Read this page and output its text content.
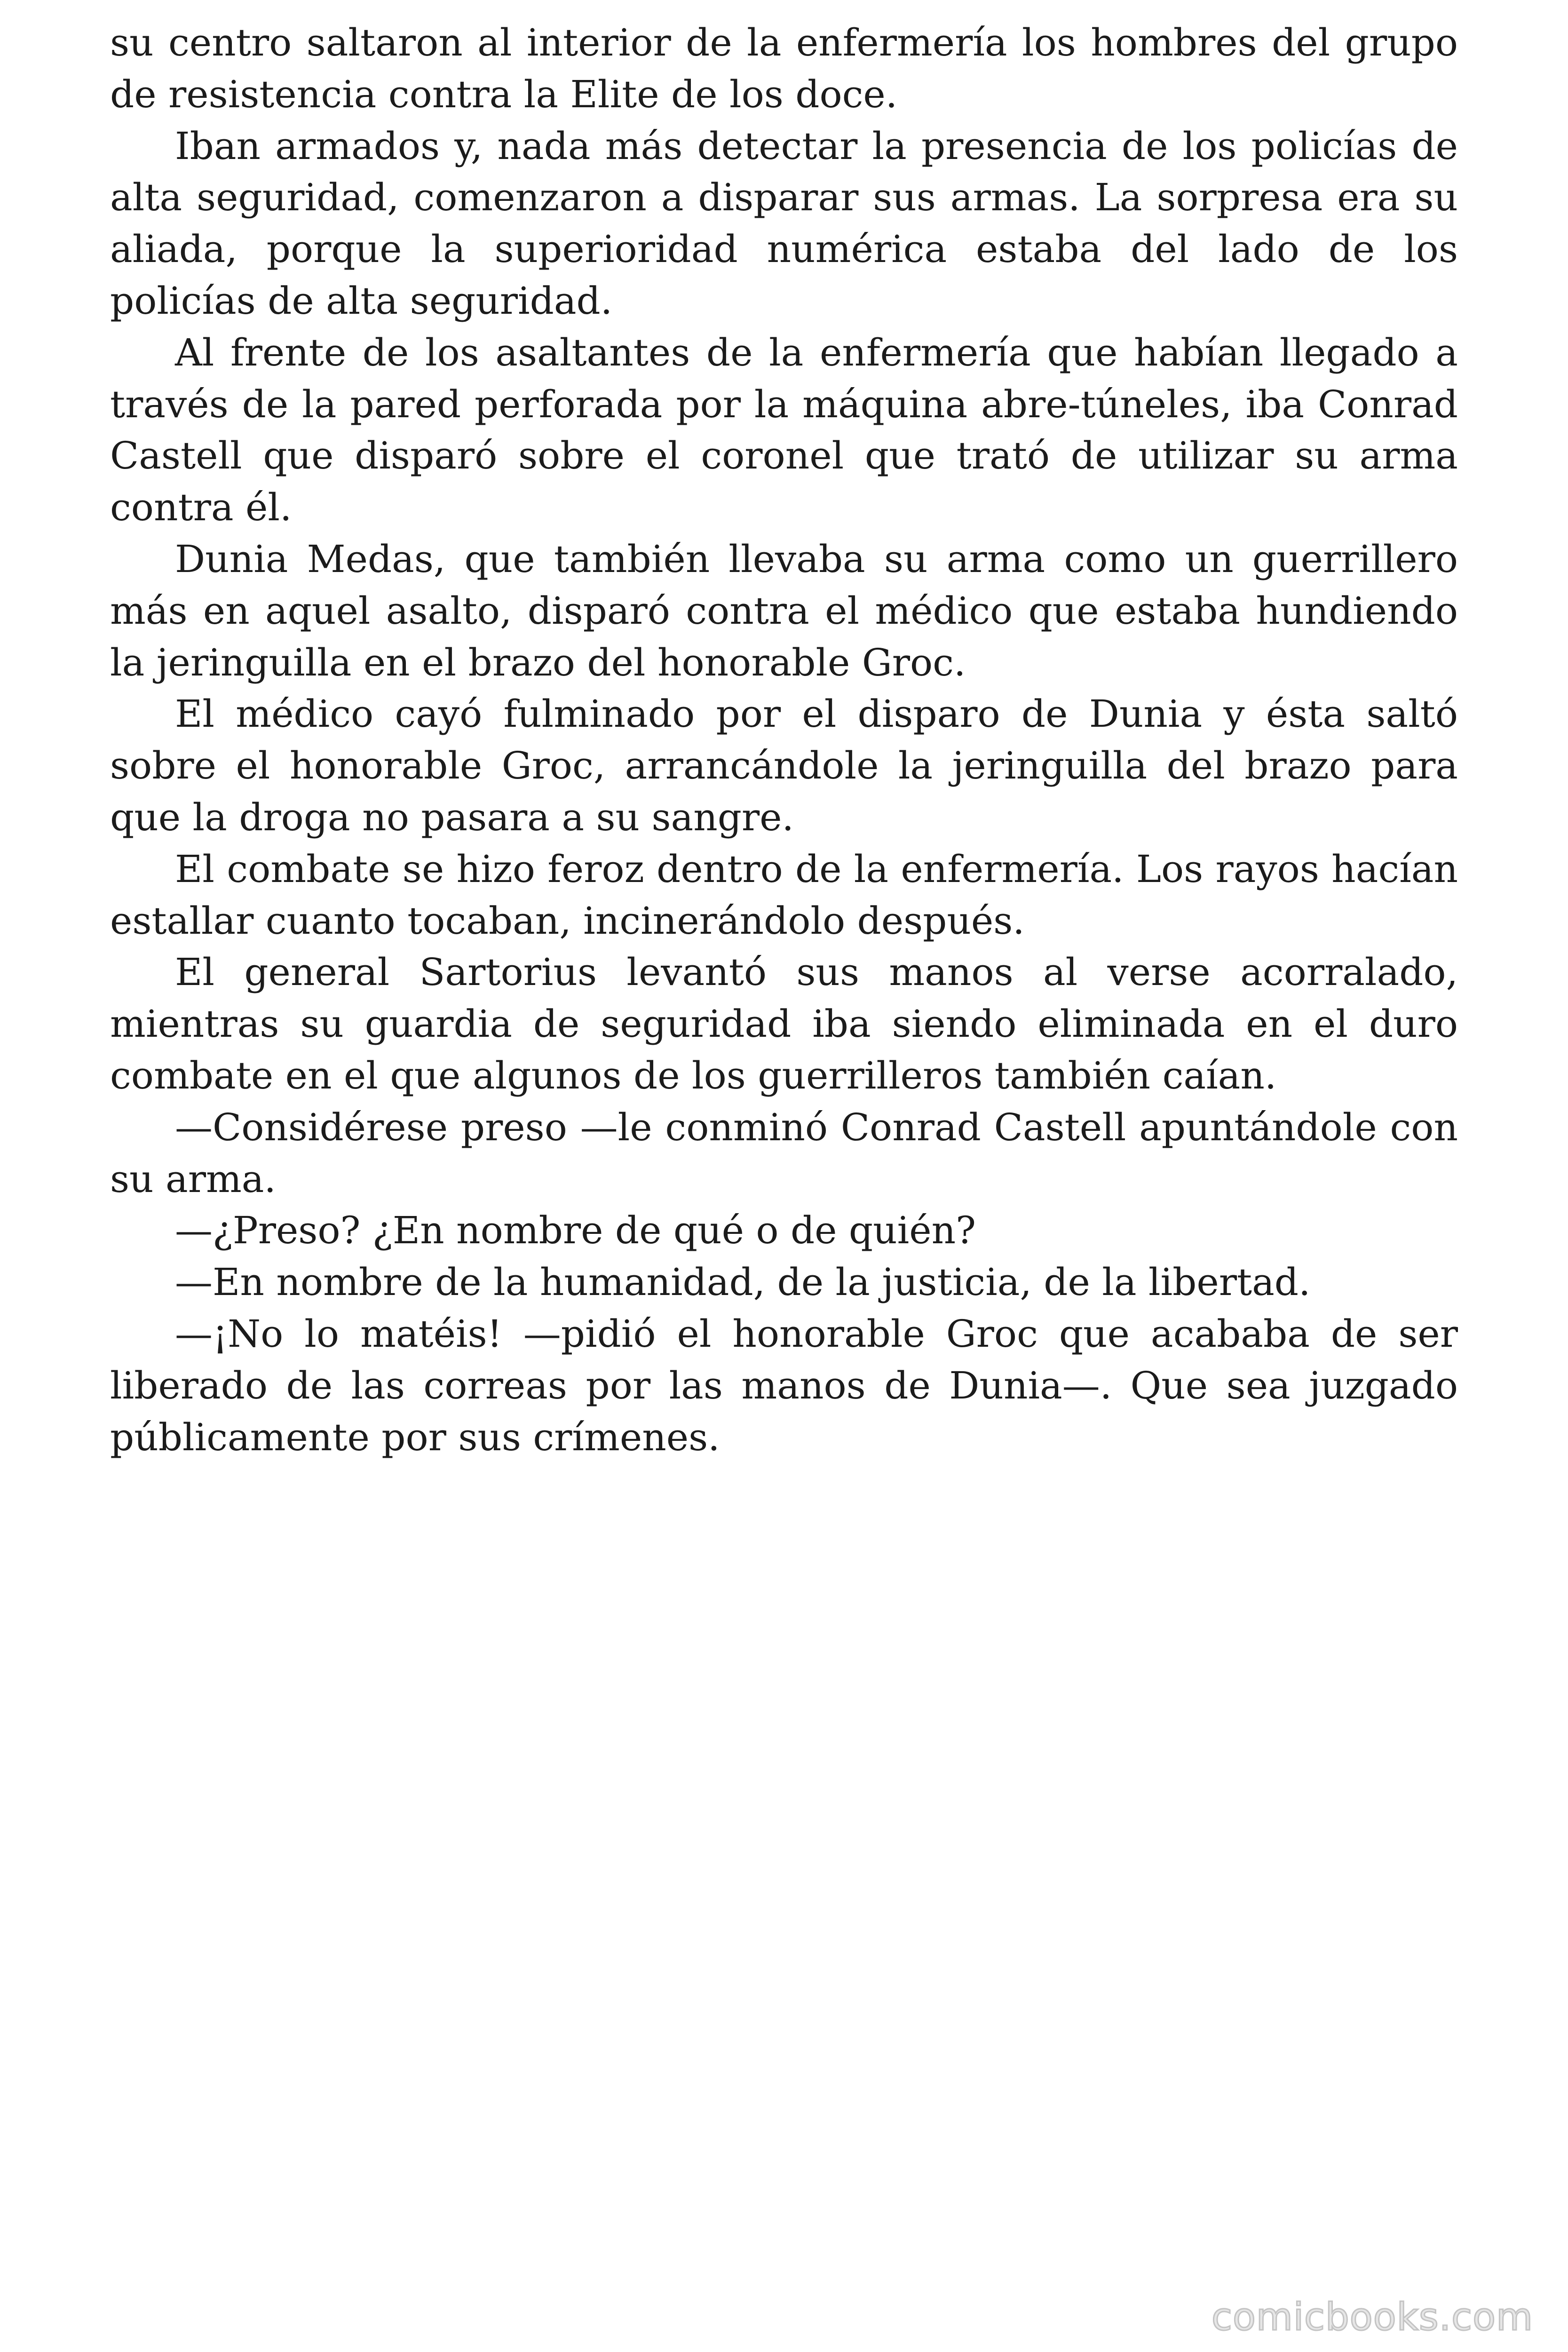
su centro saltaron al interior de la enfermería los hombres del grupo de resistencia contra la Elite de los doce.

Iban armados y, nada más detectar la presencia de los policías de alta seguridad, comenzaron a disparar sus armas. La sorpresa era su aliada, porque la superioridad numérica estaba del lado de los policías de alta seguridad.

Al frente de los asaltantes de la enfermería que habían llegado a través de la pared perforada por la máquina abre-túneles, iba Conrad Castell que disparó sobre el coronel que trató de utilizar su arma contra él.

Dunia Medas, que también llevaba su arma como un guerrillero más en aquel asalto, disparó contra el médico que estaba hundiendo la jeringuilla en el brazo del honorable Groc.

El médico cayó fulminado por el disparo de Dunia y ésta saltó sobre el honorable Groc, arrancándole la jeringuilla del brazo para que la droga no pasara a su sangre.

El combate se hizo feroz dentro de la enfermería. Los rayos hacían estallar cuanto tocaban, incinerándolo después.

El general Sartorius levantó sus manos al verse acorralado, mientras su guardia de seguridad iba siendo eliminada en el duro combate en el que algunos de los guerrilleros también caían.

—Considérese preso —le conminó Conrad Castell apuntándole con su arma.

—¿Preso? ¿En nombre de qué o de quién?

—En nombre de la humanidad, de la justicia, de la libertad.

—¡No lo matéis! —pidió el honorable Groc que acababa de ser liberado de las correas por las manos de Dunia—. Que sea juzgado públicamente por sus crímenes.

comicbooks.com
